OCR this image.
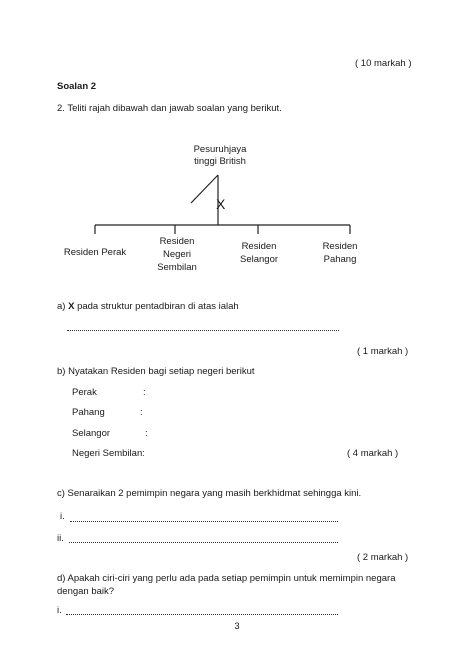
( 10 markah )
Soalan 2
2. Teliti rajah dibawah dan jawab soalan yang berikut.
Pesuruhjaya
tinggi British
X
Residen Perak
Residen
Negeri
Sembilan
Residen
Selangor
Residen
Pahang
a) X pada struktur pentadbiran di atas ialah
( 1 markah )
b) Nyatakan Residen bagi setiap negeri berikut
Perak	:
Pahang	:
Selangor	:
Negeri Sembilan :	( 4 markah )
c) Senaraikan 2 pemimpin negara yang masih berkhidmat sehingga kini.
i.
ii.
( 2 markah )
d) Apakah ciri-ciri yang perlu ada pada setiap pemimpin untuk memimpin negara
dengan baik?
i.
3
